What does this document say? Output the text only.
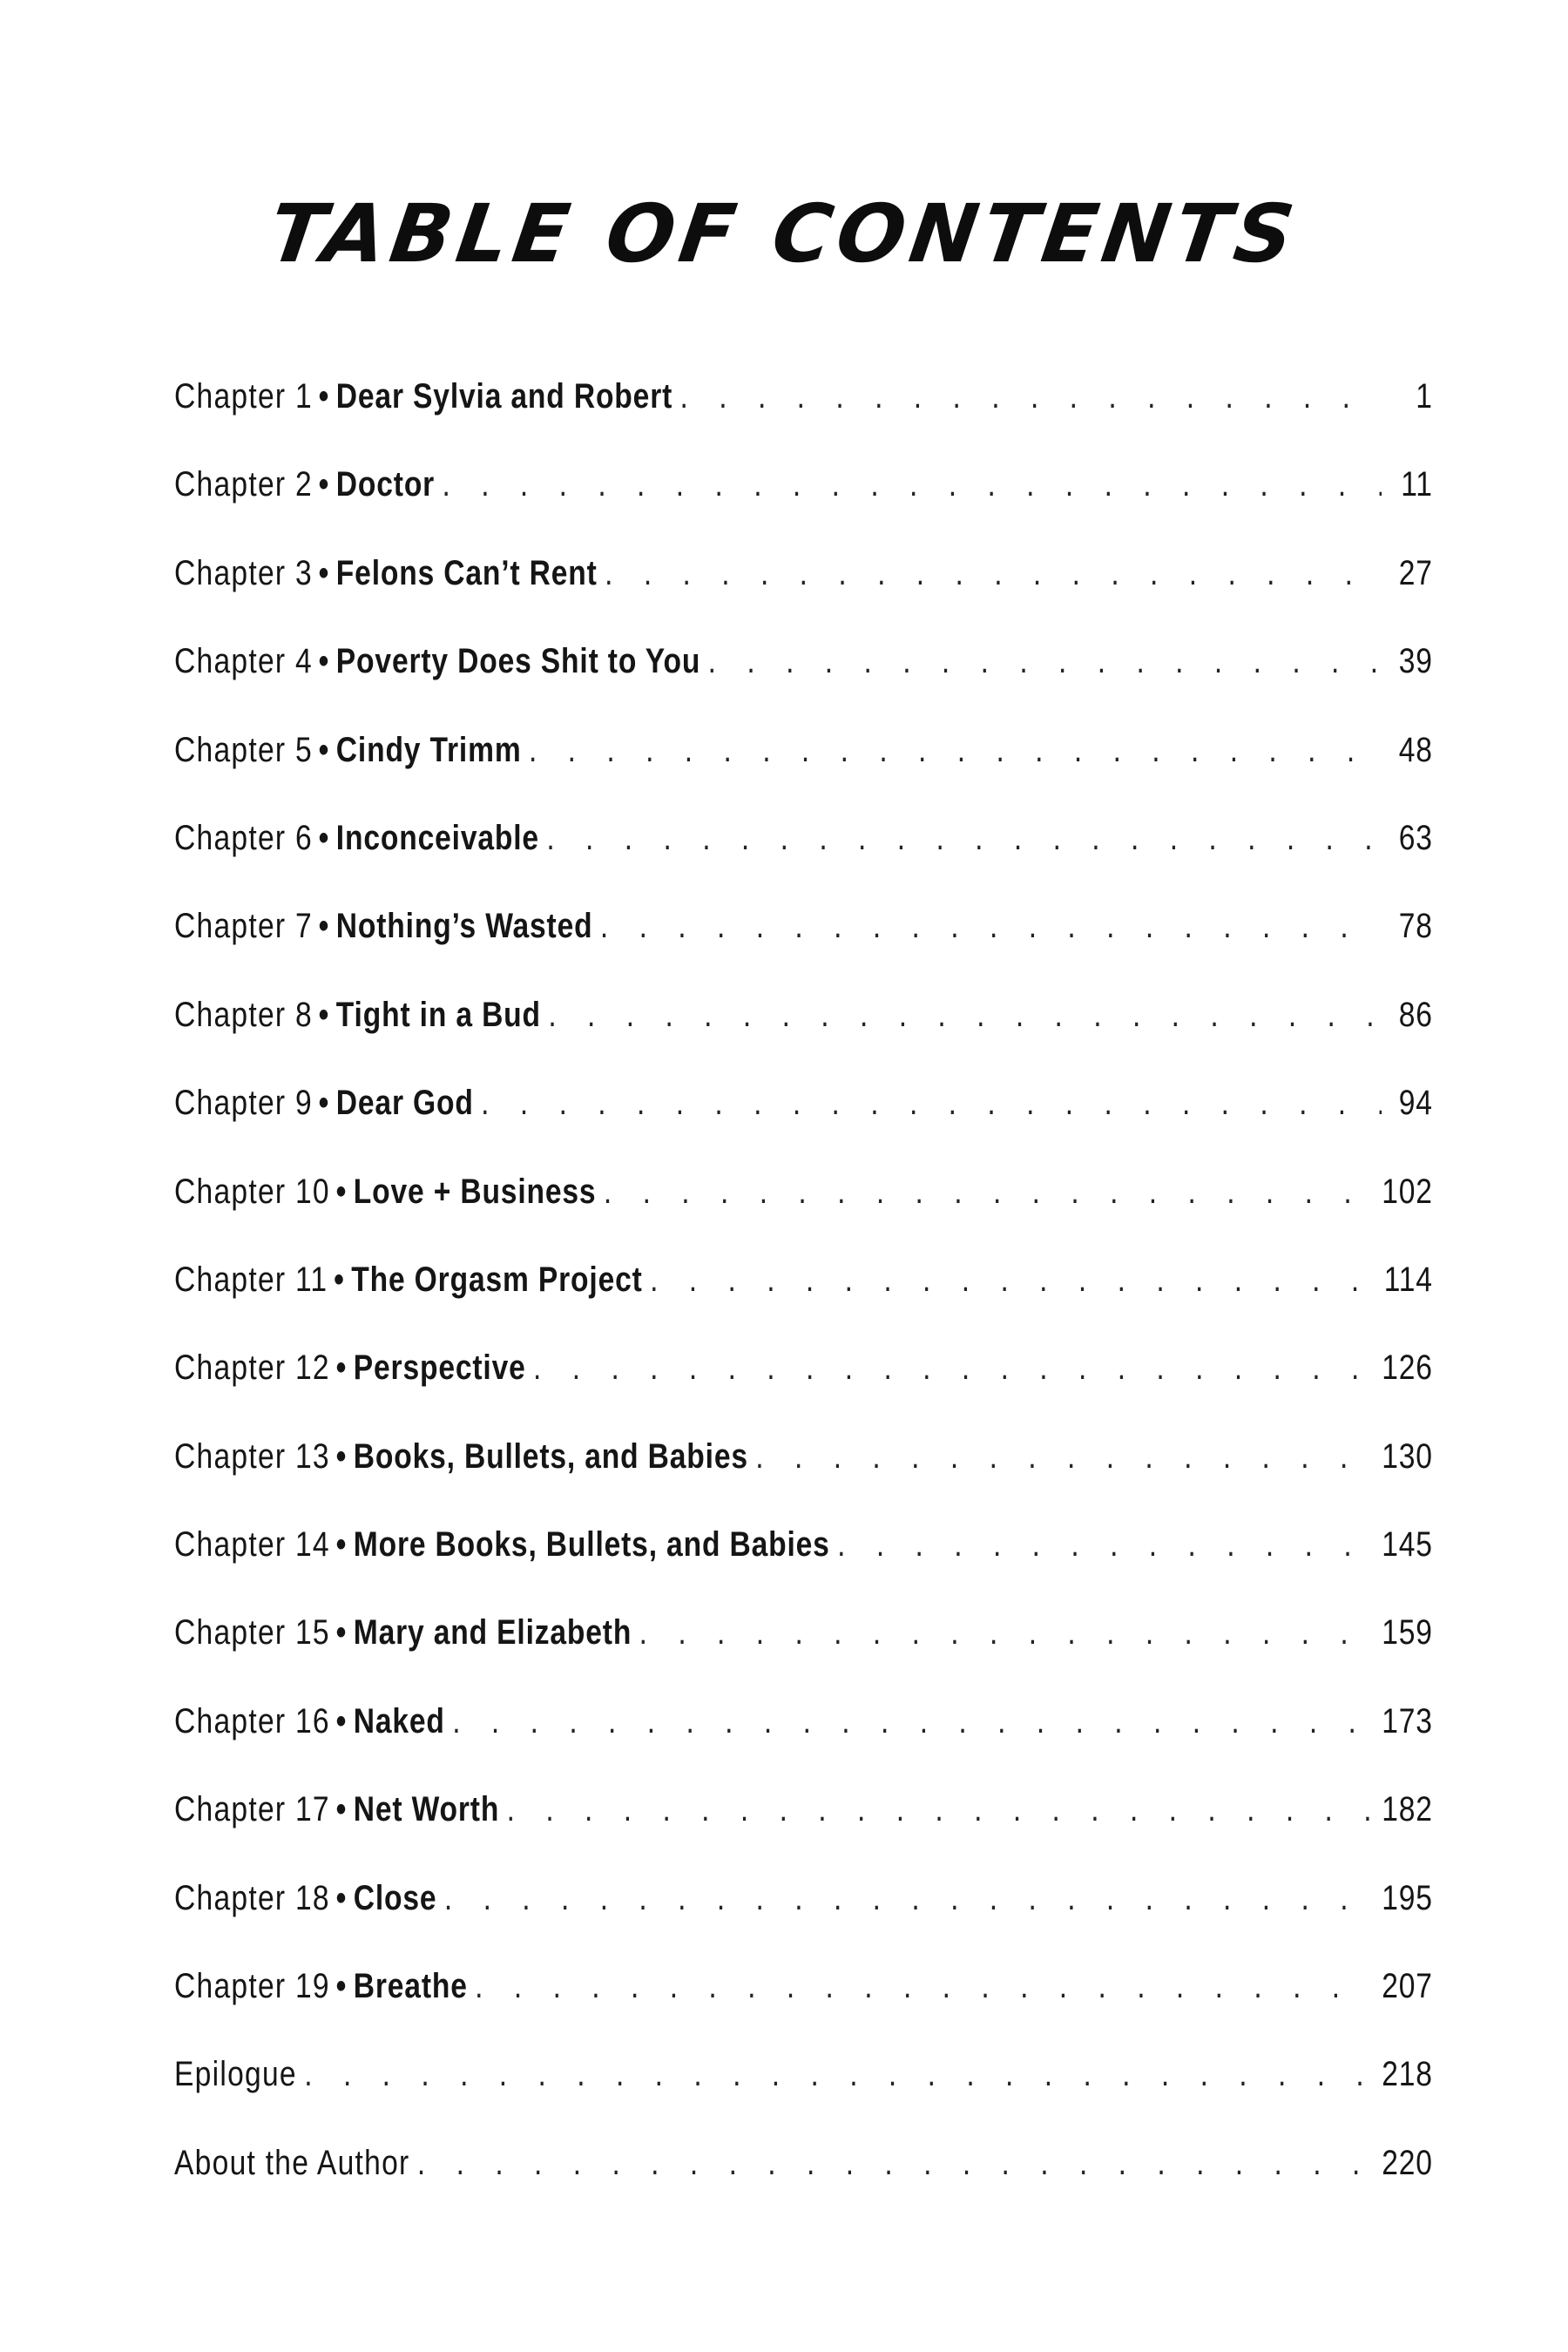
TABLE OF CONTENTS
Chapter 1 • Dear Sylvia and Robert . . .	1
Chapter 2 • Doctor . . .	11
Chapter 3 • Felons Can’t Rent . . .	27
Chapter 4 • Poverty Does Shit to You . . .	39
Chapter 5 • Cindy Trimm . . .	48
Chapter 6 • Inconceivable . . .	63
Chapter 7 • Nothing’s Wasted . . .	78
Chapter 8 • Tight in a Bud . . .	86
Chapter 9 • Dear God . . .	94
Chapter 10 • Love + Business . . .	102
Chapter 11 • The Orgasm Project . . .	114
Chapter 12 • Perspective . . .	126
Chapter 13 • Books, Bullets, and Babies . . .	130
Chapter 14 • More Books, Bullets, and Babies . . .	145
Chapter 15 • Mary and Elizabeth . . .	159
Chapter 16 • Naked . . .	173
Chapter 17 • Net Worth . . .	182
Chapter 18 • Close . . .	195
Chapter 19 • Breathe . . .	207
Epilogue . . .	218
About the Author . . .	220
